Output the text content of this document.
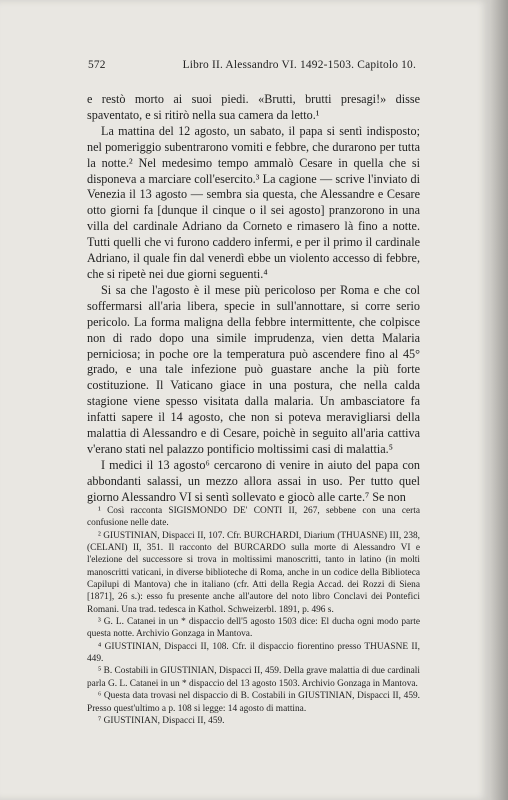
572	Libro II. Alessandro VI. 1492-1503. Capitolo 10.

e restò morto ai suoi piedi. «Brutti, brutti presagi!» disse spaventato, e si ritirò nella sua camera da letto.¹

La mattina del 12 agosto, un sabato, il papa si sentì indisposto; nel pomeriggio subentrarono vomiti e febbre, che durarono per tutta la notte.² Nel medesimo tempo ammalò Cesare in quella che si disponeva a marciare coll'esercito.³ La cagione — scrive l'inviato di Venezia il 13 agosto — sembra sia questa, che Alessandre e Cesare otto giorni fa [dunque il cinque o il sei agosto] pranzorono in una villa del cardinale Adriano da Corneto e rimasero là fino a notte. Tutti quelli che vi furono caddero infermi, e per il primo il cardinale Adriano, il quale fin dal venerdì ebbe un violento accesso di febbre, che si ripetè nei due giorni seguenti.⁴

Si sa che l'agosto è il mese più pericoloso per Roma e che col soffermarsi all'aria libera, specie in sull'annottare, si corre serio pericolo. La forma maligna della febbre intermittente, che colpisce non di rado dopo una simile imprudenza, vien detta Malaria perniciosa; in poche ore la temperatura può ascendere fino al 45° grado, e una tale infezione può guastare anche la più forte costituzione. Il Vaticano giace in una postura, che nella calda stagione viene spesso visitata dalla malaria. Un ambasciatore fa infatti sapere il 14 agosto, che non si poteva meravigliarsi della malattia di Alessandro e di Cesare, poichè in seguito all'aria cattiva v'erano stati nel palazzo pontificio moltissimi casi di malattia.⁵

I medici il 13 agosto⁶ cercarono di venire in aiuto del papa con abbondanti salassi, un mezzo allora assai in uso. Per tutto quel giorno Alessandro VI si sentì sollevato e giocò alle carte.⁷ Se non

¹ Così racconta SIGISMONDO DE' CONTI II, 267, sebbene con una certa confusione nelle date.

² GIUSTINIAN, Dispacci II, 107. Cfr. BURCHARDI, Diarium (THUASNE) III, 238, (CELANI) II, 351. Il racconto del BURCARDO sulla morte di Alessandro VI e l'elezione del successore si trova in moltissimi manoscritti, tanto in latino (in molti manoscritti vaticani, in diverse biblioteche di Roma, anche in un codice della Biblioteca Capilupi di Mantova) che in italiano (cfr. Atti della Regia Accad. dei Rozzi di Siena [1871], 26 s.): esso fu presente anche all'autore del noto libro Conclavi dei Pontefici Romani. Una trad. tedesca in Kathol. Schweizerbl. 1891, p. 496 s.

³ G. L. Catanei in un * dispaccio dell'5 agosto 1503 dice: El ducha ogni modo parte questa notte. Archivio Gonzaga in Mantova.

⁴ GIUSTINIAN, Dispacci II, 108. Cfr. il dispaccio fiorentino presso THUASNE II, 449.

⁵ B. Costabili in GIUSTINIAN, Dispacci II, 459. Della grave malattia di due cardinali parla G. L. Catanei in un * dispaccio del 13 agosto 1503. Archivio Gonzaga in Mantova.

⁶ Questa data trovasi nel dispaccio di B. Costabili in GIUSTINIAN, Dispacci II, 459. Presso quest'ultimo a p. 108 si legge: 14 agosto di mattina.

⁷ GIUSTINIAN, Dispacci II, 459.
